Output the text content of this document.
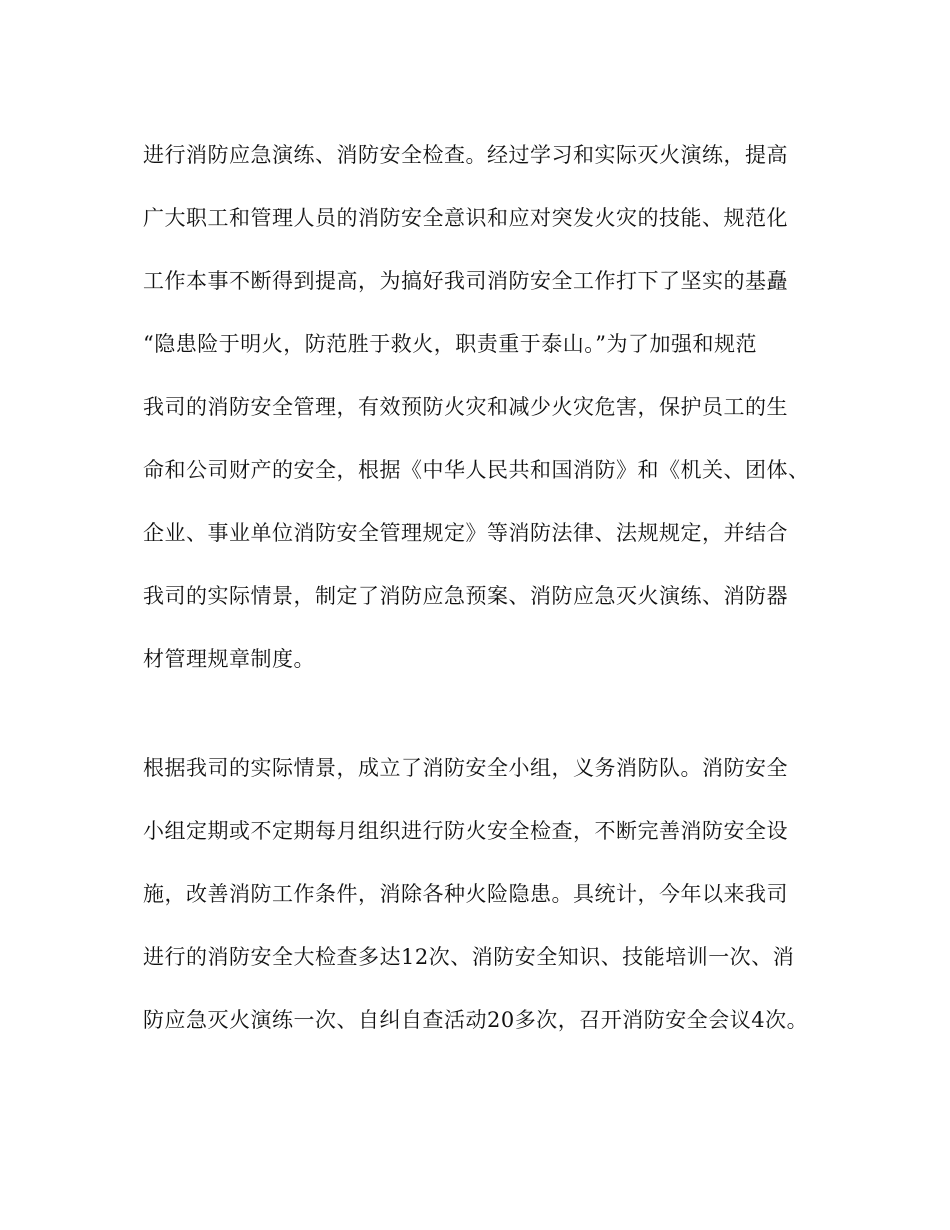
进行消防应急演练、消防安全检查。经过学习和实际灭火演练，提高
广大职工和管理人员的消防安全意识和应对突发火灾的技能、规范化
工作本事不断得到提高，为搞好我司消防安全工作打下了坚实的基矗
“隐患险于明火，防范胜于救火，职责重于泰山。”为了加强和规范
我司的消防安全管理，有效预防火灾和减少火灾危害，保护员工的生
命和公司财产的安全，根据《中华人民共和国消防》和《机关、团体、
企业、事业单位消防安全管理规定》等消防法律、法规规定，并结合
我司的实际情景，制定了消防应急预案、消防应急灭火演练、消防器
材管理规章制度。
根据我司的实际情景，成立了消防安全小组，义务消防队。消防安全
小组定期或不定期每月组织进行防火安全检查，不断完善消防安全设
施，改善消防工作条件，消除各种火险隐患。具统计，今年以来我司
进行的消防安全大检查多达12次、消防安全知识、技能培训一次、消
防应急灭火演练一次、自纠自查活动20多次，召开消防安全会议4次。
